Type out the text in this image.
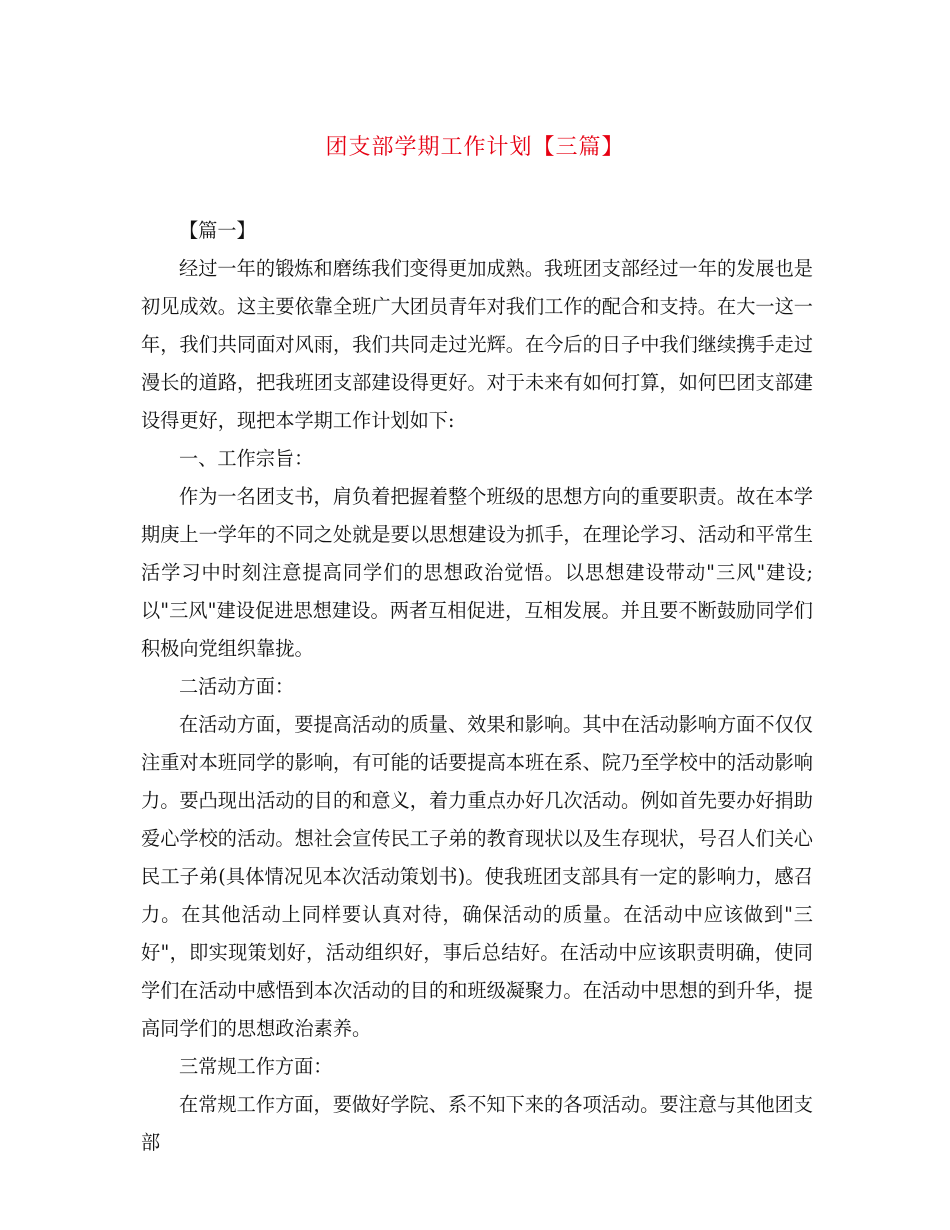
团支部学期工作计划【三篇】

【篇一】

经过一年的锻炼和磨练我们变得更加成熟。我班团支部经过一年的发展也是初见成效。这主要依靠全班广大团员青年对我们工作的配合和支持。在大一这一年，我们共同面对风雨，我们共同走过光辉。在今后的日子中我们继续携手走过漫长的道路，把我班团支部建设得更好。对于未来有如何打算，如何巴团支部建设得更好，现把本学期工作计划如下:

一、工作宗旨：

作为一名团支书，肩负着把握着整个班级的思想方向的重要职责。故在本学期庚上一学年的不同之处就是要以思想建设为抓手，在理论学习、活动和平常生活学习中时刻注意提高同学们的思想政治觉悟。以思想建设带动"三风"建设;以"三风"建设促进思想建设。两者互相促进，互相发展。并且要不断鼓励同学们积极向党组织靠拢。

二活动方面：

在活动方面，要提高活动的质量、效果和影响。其中在活动影响方面不仅仅注重对本班同学的影响，有可能的话要提高本班在系、院乃至学校中的活动影响力。要凸现出活动的目的和意义，着力重点办好几次活动。例如首先要办好捐助爱心学校的活动。想社会宣传民工子弟的教育现状以及生存现状，号召人们关心民工子弟(具体情况见本次活动策划书)。使我班团支部具有一定的影响力，感召力。在其他活动上同样要认真对待，确保活动的质量。在活动中应该做到"三好"，即实现策划好，活动组织好，事后总结好。在活动中应该职责明确，使同学们在活动中感悟到本次活动的目的和班级凝聚力。在活动中思想的到升华，提高同学们的思想政治素养。

三常规工作方面：

在常规工作方面，要做好学院、系不知下来的各项活动。要注意与其他团支部
